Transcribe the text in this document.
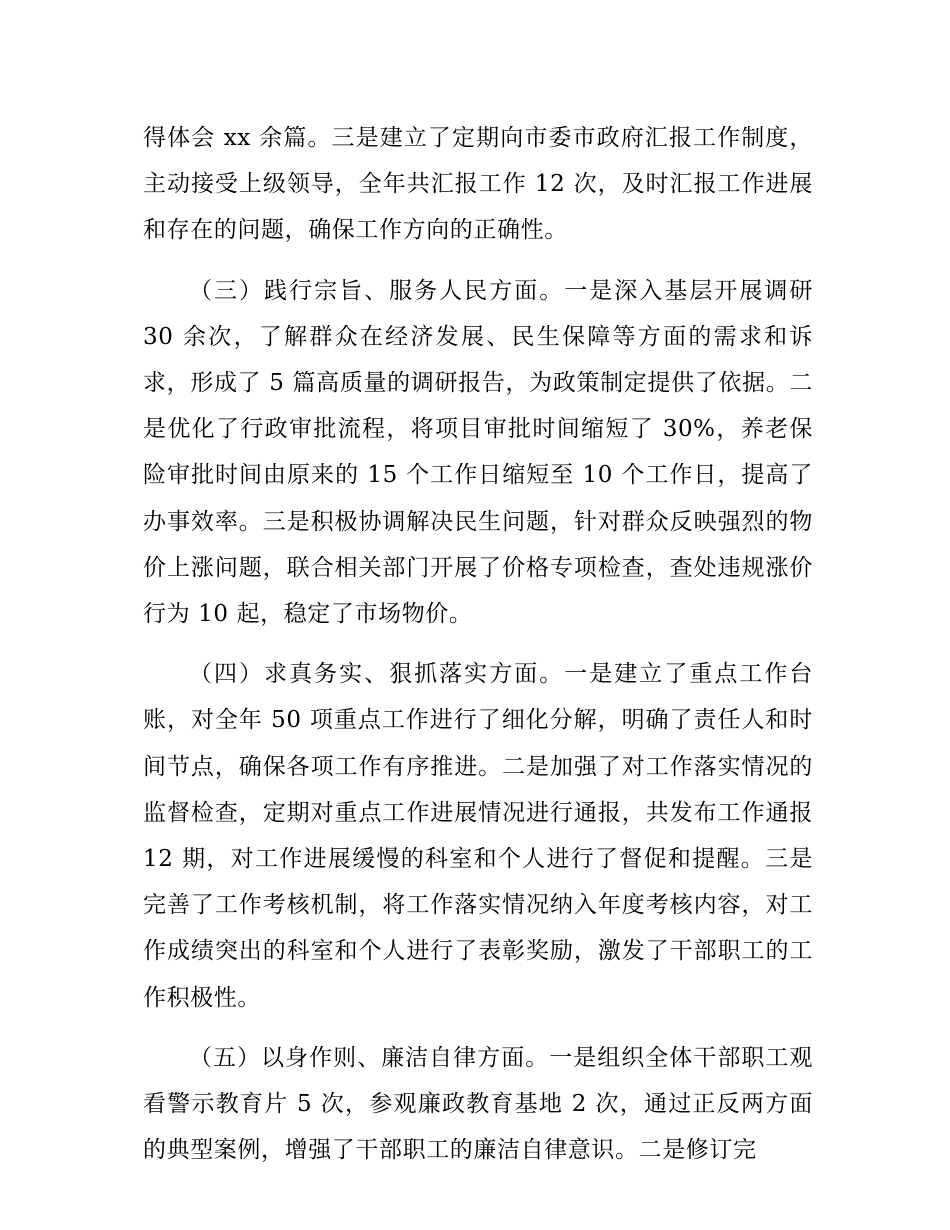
得体会 xx 余篇。三是建立了定期向市委市政府汇报工作制度，主动接受上级领导，全年共汇报工作 12 次，及时汇报工作进展和存在的问题，确保工作方向的正确性。

（三）践行宗旨、服务人民方面。一是深入基层开展调研 30 余次，了解群众在经济发展、民生保障等方面的需求和诉求，形成了 5 篇高质量的调研报告，为政策制定提供了依据。二是优化了行政审批流程，将项目审批时间缩短了 30%，养老保险审批时间由原来的 15 个工作日缩短至 10 个工作日，提高了办事效率。三是积极协调解决民生问题，针对群众反映强烈的物价上涨问题，联合相关部门开展了价格专项检查，查处违规涨价行为 10 起，稳定了市场物价。

（四）求真务实、狠抓落实方面。一是建立了重点工作台账，对全年 50 项重点工作进行了细化分解，明确了责任人和时间节点，确保各项工作有序推进。二是加强了对工作落实情况的监督检查，定期对重点工作进展情况进行通报，共发布工作通报 12 期，对工作进展缓慢的科室和个人进行了督促和提醒。三是完善了工作考核机制，将工作落实情况纳入年度考核内容，对工作成绩突出的科室和个人进行了表彰奖励，激发了干部职工的工作积极性。

（五）以身作则、廉洁自律方面。一是组织全体干部职工观看警示教育片 5 次，参观廉政教育基地 2 次，通过正反两方面的典型案例，增强了干部职工的廉洁自律意识。二是修订完
